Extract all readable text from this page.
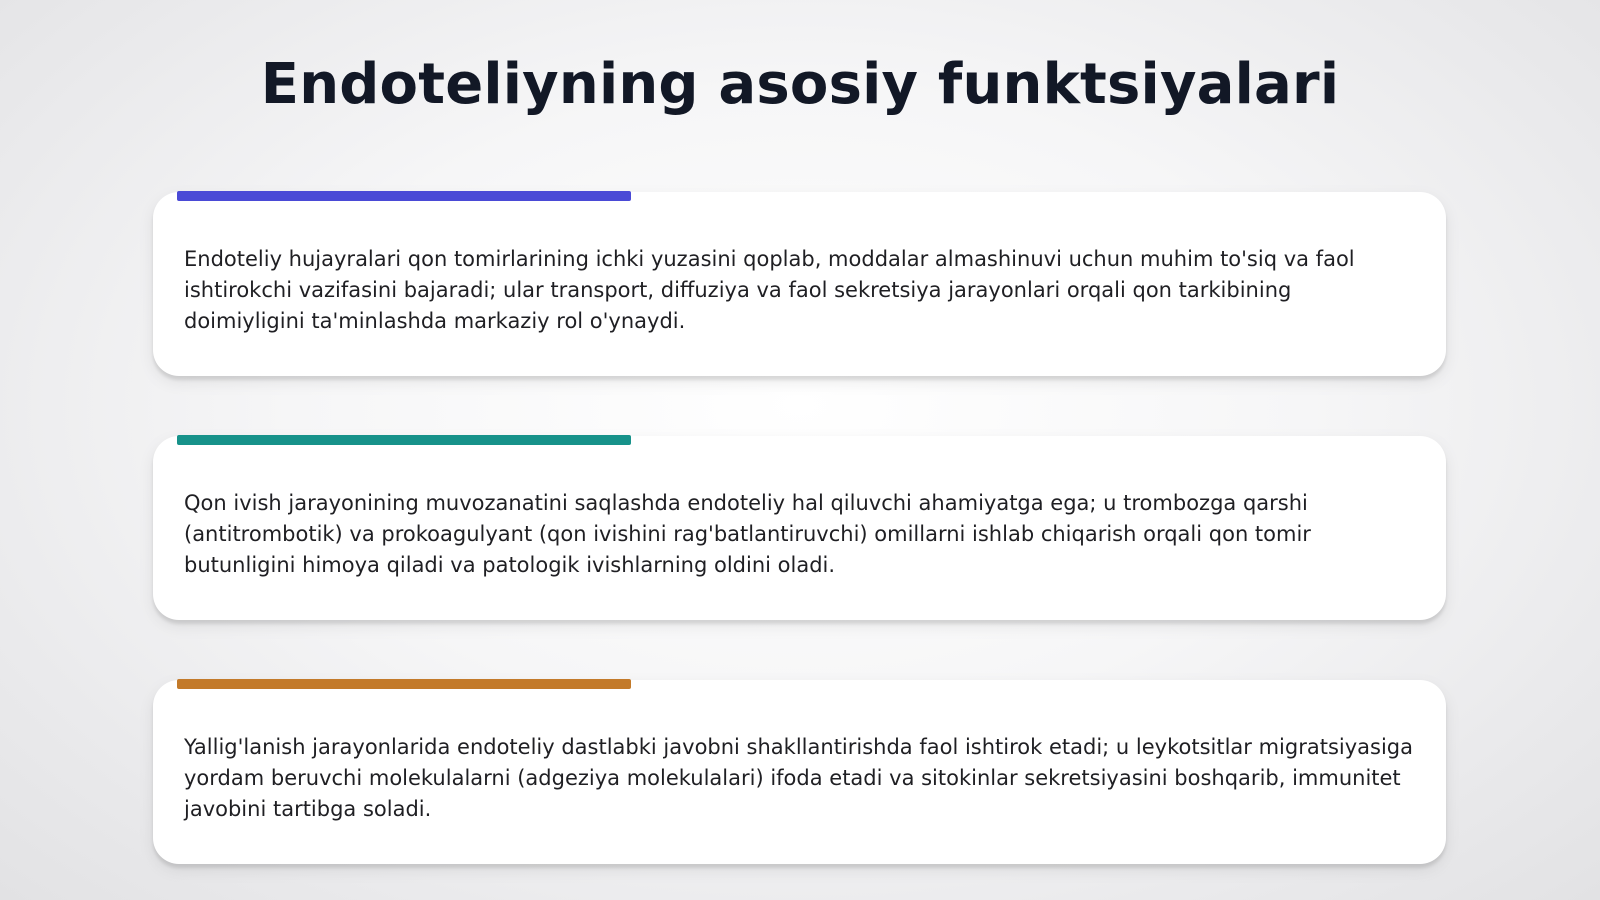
Endoteliyning asosiy funktsiyalari

Endoteliy hujayralari qon tomirlarining ichki yuzasini qoplab, moddalar almashinuvi uchun muhim to'siq va faol ishtirokchi vazifasini bajaradi; ular transport, diffuziya va faol sekretsiya jarayonlari orqali qon tarkibining doimiyligini ta'minlashda markaziy rol o'ynaydi.

Qon ivish jarayonining muvozanatini saqlashda endoteliy hal qiluvchi ahamiyatga ega; u trombozga qarshi (antitrombotik) va prokoagulyant (qon ivishini rag'batlantiruvchi) omillarni ishlab chiqarish orqali qon tomir butunligini himoya qiladi va patologik ivishlarning oldini oladi.

Yallig'lanish jarayonlarida endoteliy dastlabki javobni shakllantirishda faol ishtirok etadi; u leykotsitlar migratsiyasiga yordam beruvchi molekulalarni (adgeziya molekulalari) ifoda etadi va sitokinlar sekretsiyasini boshqarib, immunitet javobini tartibga soladi.
